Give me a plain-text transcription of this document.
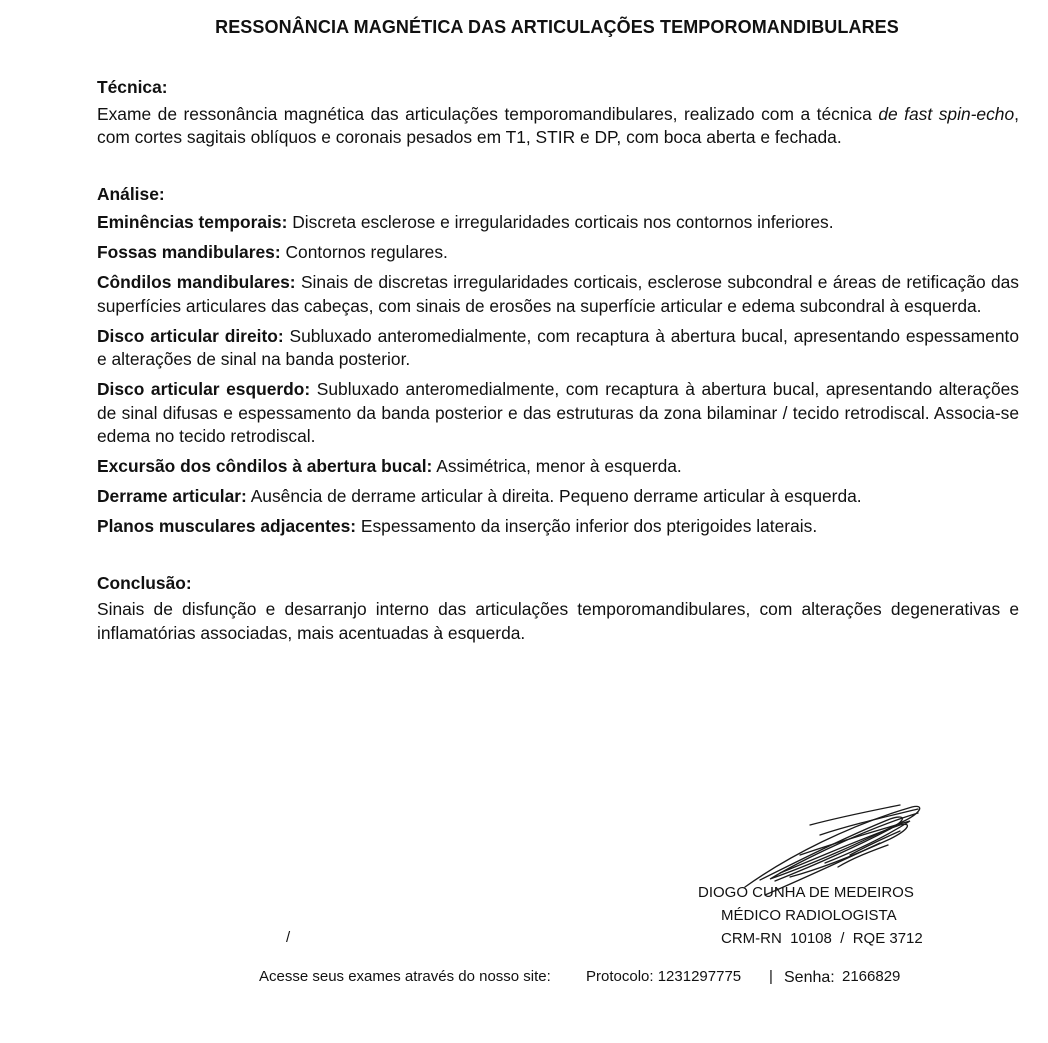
RESSONÂNCIA MAGNÉTICA DAS ARTICULAÇÕES TEMPOROMANDIBULARES

Técnica:

Exame de ressonância magnética das articulações temporomandibulares, realizado com a técnica de fast spin-echo, com cortes sagitais oblíquos e coronais pesados em T1, STIR e DP, com boca aberta e fechada.

Análise:

Eminências temporais: Discreta esclerose e irregularidades corticais nos contornos inferiores.

Fossas mandibulares: Contornos regulares.

Côndilos mandibulares: Sinais de discretas irregularidades corticais, esclerose subcondral e áreas de retificação das superfícies articulares das cabeças, com sinais de erosões na superfície articular e edema subcondral à esquerda.

Disco articular direito: Subluxado anteromedialmente, com recaptura à abertura bucal, apresentando espessamento e alterações de sinal na banda posterior.

Disco articular esquerdo: Subluxado anteromedialmente, com recaptura à abertura bucal, apresentando alterações de sinal difusas e espessamento da banda posterior e das estruturas da zona bilaminar / tecido retrodiscal. Associa-se edema no tecido retrodiscal.

Excursão dos côndilos à abertura bucal: Assimétrica, menor à esquerda.

Derrame articular: Ausência de derrame articular à direita. Pequeno derrame articular à esquerda.

Planos musculares adjacentes: Espessamento da inserção inferior dos pterigoides laterais.

Conclusão:

Sinais de disfunção e desarranjo interno das articulações temporomandibulares, com alterações degenerativas e inflamatórias associadas, mais acentuadas à esquerda.

DIOGO CUNHA DE MEDEIROS
MÉDICO RADIOLOGISTA
CRM-RN  10108  /  RQE 3712
/
Acesse seus exames através do nosso site: Protocolo: 1231297775 | Senha: 2166829
